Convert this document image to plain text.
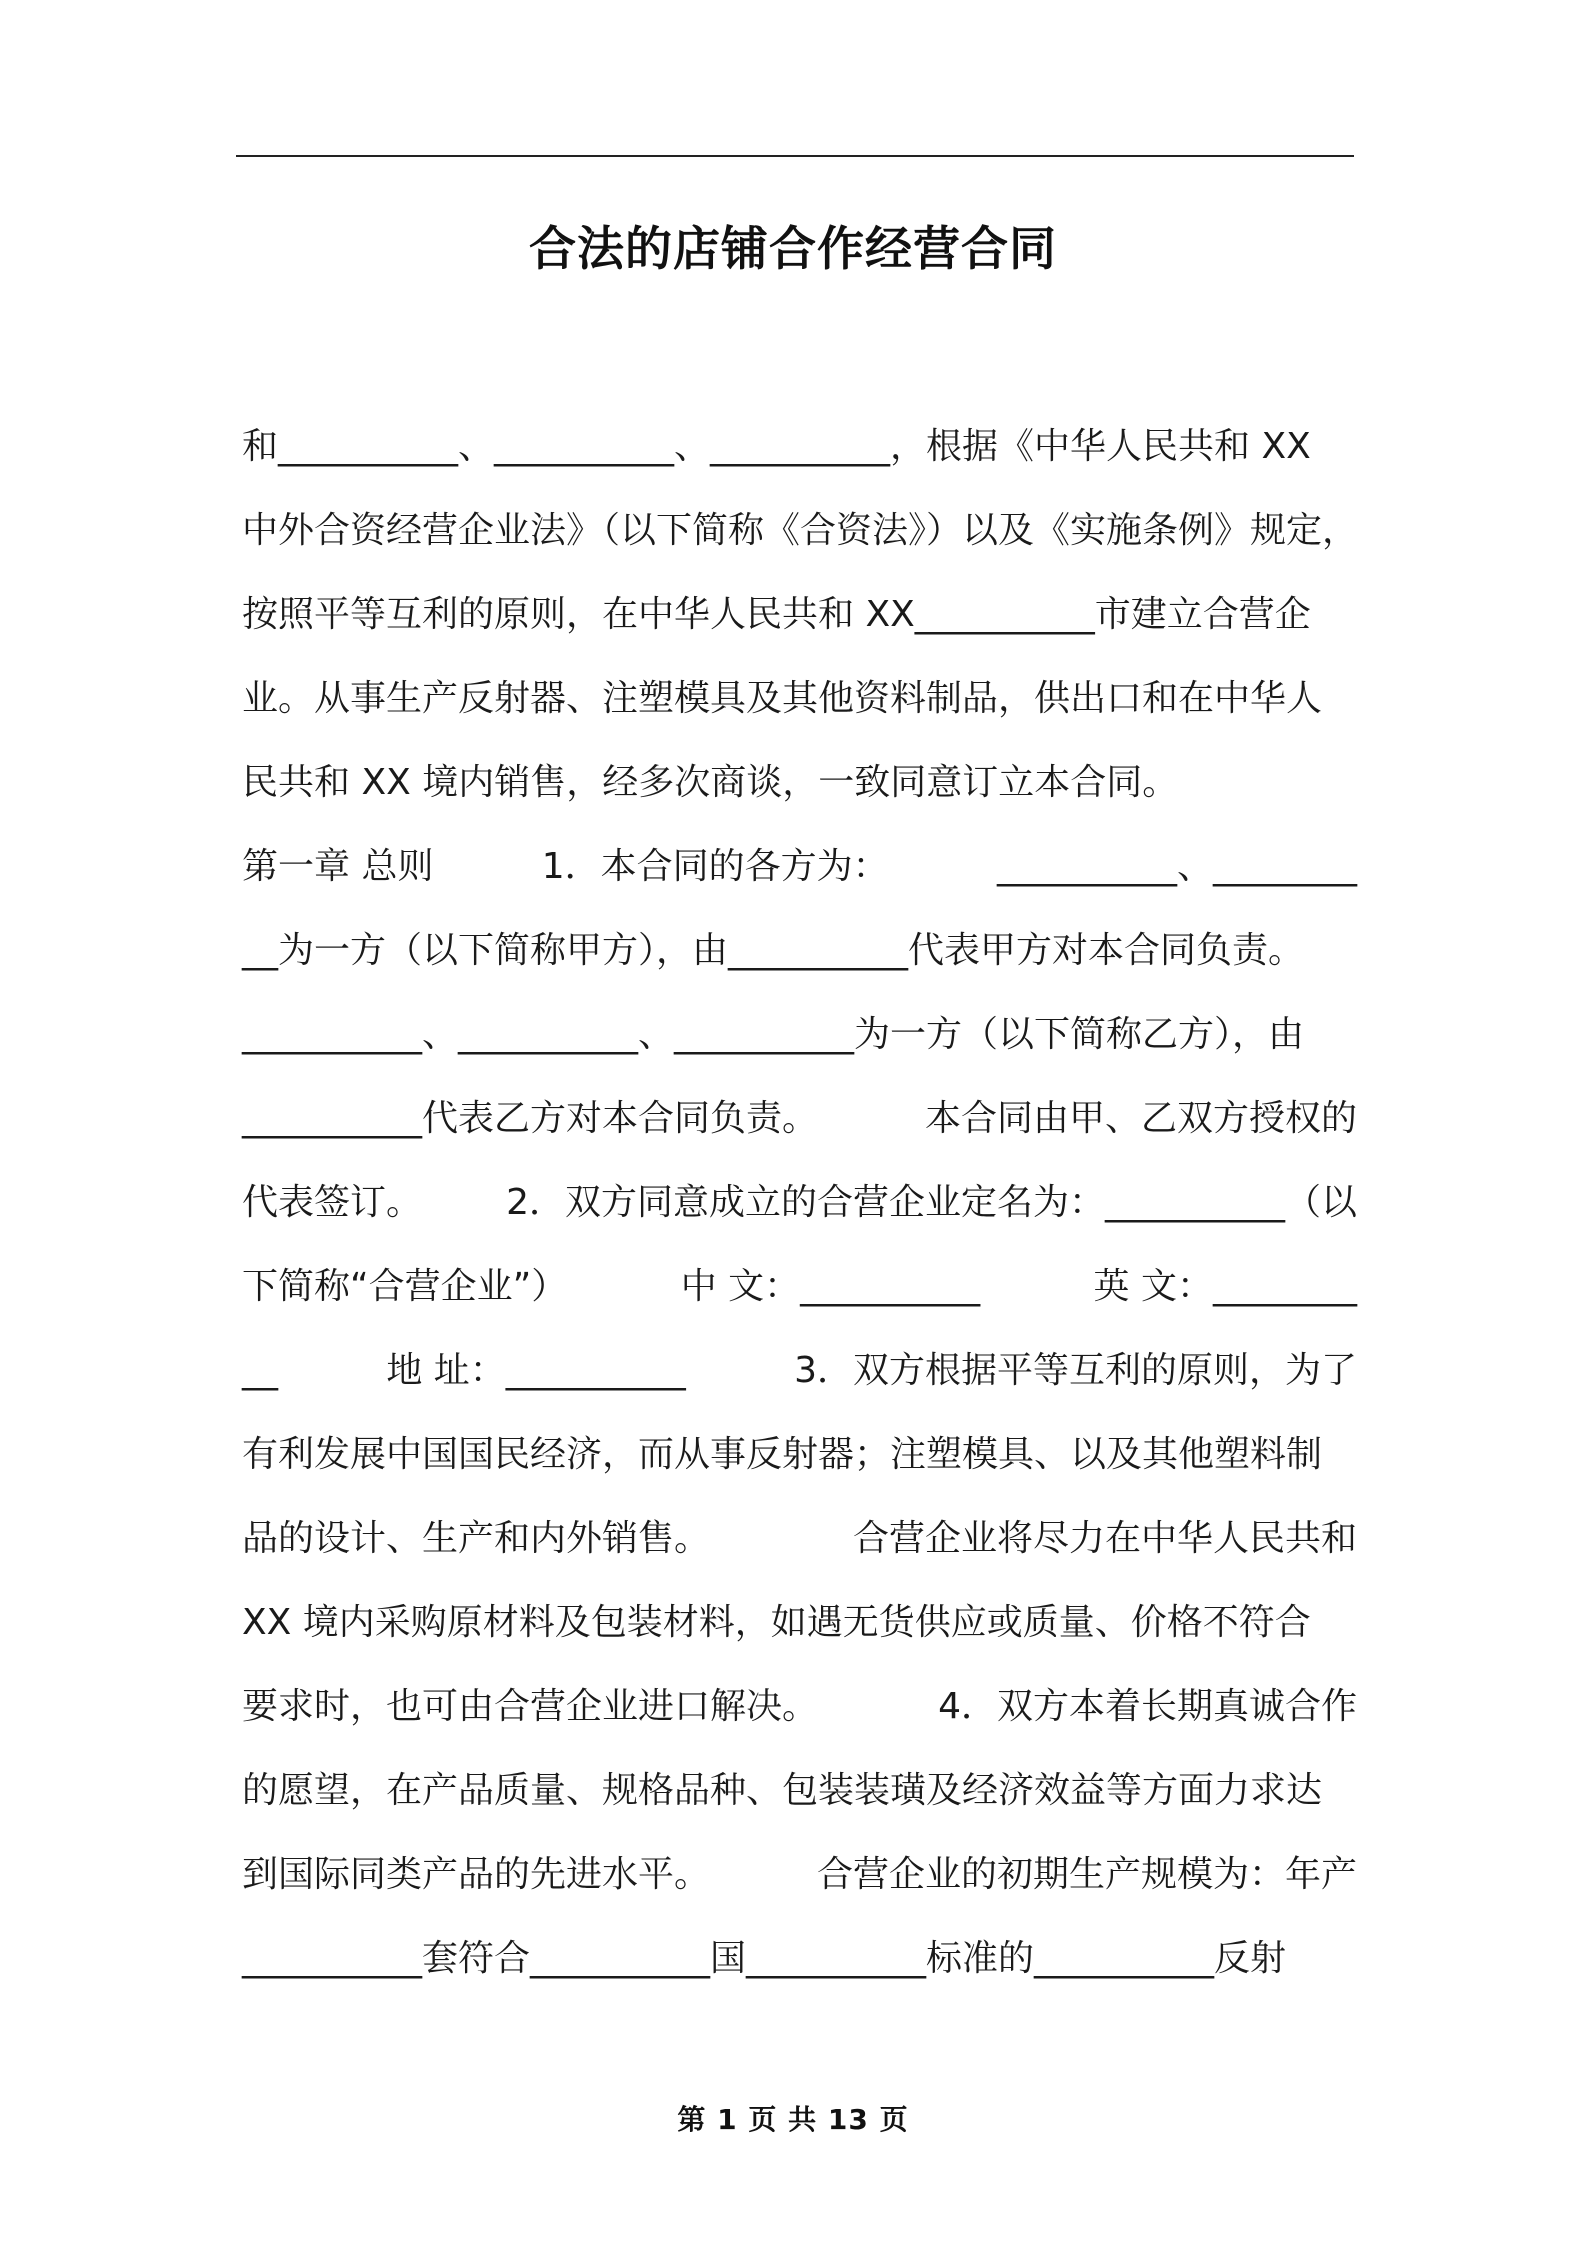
合法的店铺合作经营合同
和__________、__________、__________，根据《中华人民共和 XX
中外合资经营企业法》（以下简称《合资法》）以及《实施条例》规定，
按照平等互利的原则，在中华人民共和 XX__________市建立合营企
业。从事生产反射器、注塑模具及其他资料制品，供出口和在中华人
民共和 XX 境内销售，经多次商谈，一致同意订立本合同。
第一章 总则	1．本合同的各方为：	__________、________
__为一方（以下简称甲方），由__________代表甲方对本合同负责。
__________、__________、__________为一方（以下简称乙方），由
__________代表乙方对本合同负责。	本合同由甲、乙双方授权的
代表签订。 2．双方同意成立的合营企业定名为：__________（以
下简称“合营企业”）	中 文：__________	英 文：________
__	地 址：__________	3．双方根据平等互利的原则，为了
有利发展中国国民经济，而从事反射器；注塑模具、以及其他塑料制
品的设计、生产和内外销售。	合营企业将尽力在中华人民共和
XX 境内采购原材料及包装材料，如遇无货供应或质量、价格不符合
要求时，也可由合营企业进口解决。	4．双方本着长期真诚合作
的愿望，在产品质量、规格品种、包装装璜及经济效益等方面力求达
到国际同类产品的先进水平。	合营企业的初期生产规模为：年产
__________套符合__________国__________标准的__________反射
第 1 页 共 13 页
